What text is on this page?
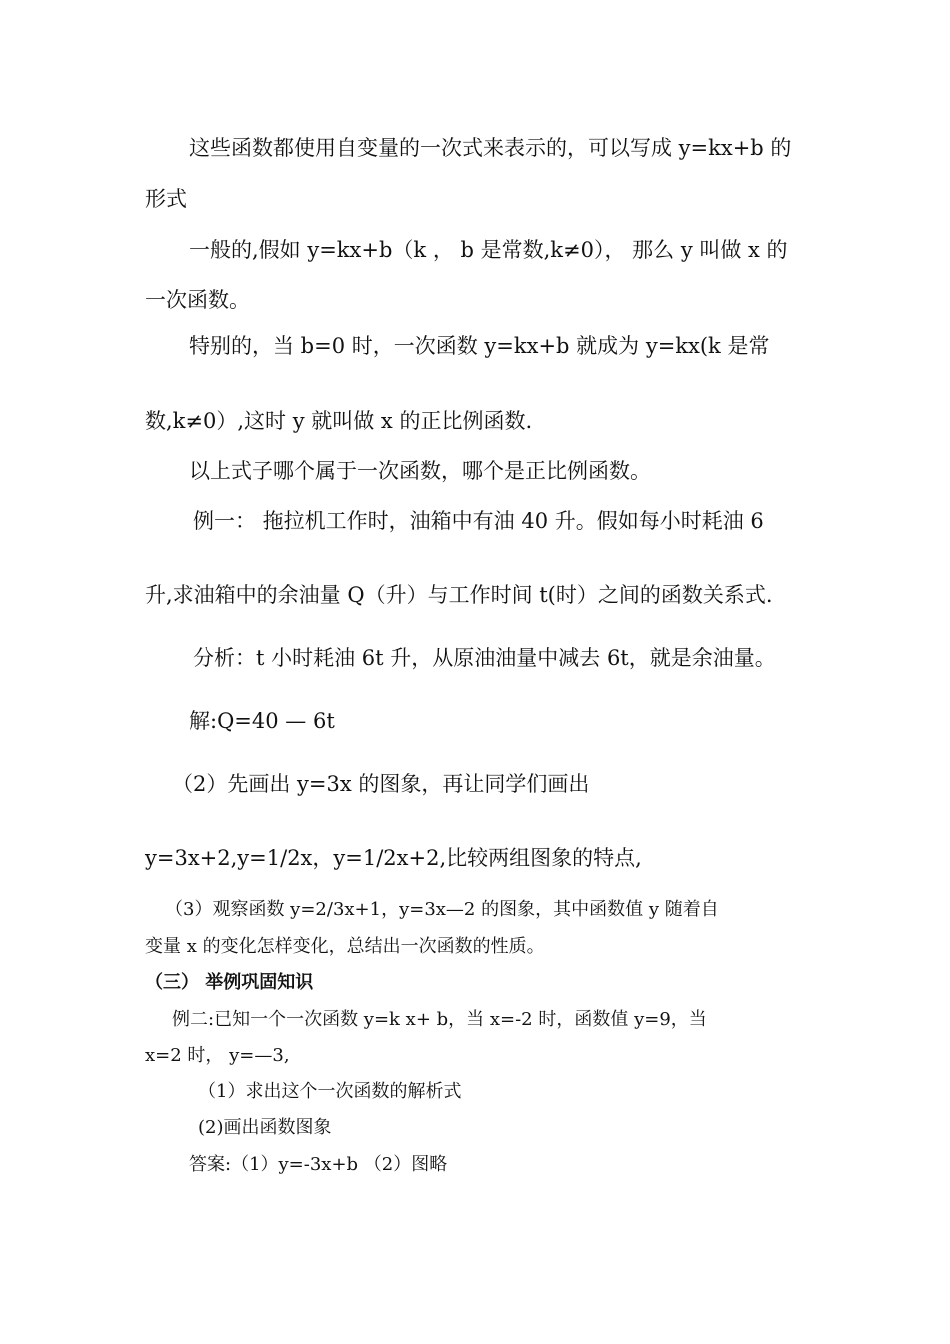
这些函数都使用自变量的一次式来表示的，可以写成 y=kx+b 的
形式
一般的,假如 y=kx+b（k ， b 是常数,k≠0）， 那么 y 叫做 x 的
一次函数。
特别的，当 b=0 时，一次函数 y=kx+b 就成为 y=kx(k 是常
数,k≠0）,这时 y 就叫做 x 的正比例函数.
以上式子哪个属于一次函数，哪个是正比例函数。
例一： 拖拉机工作时，油箱中有油 40 升。假如每小时耗油 6
升,求油箱中的余油量 Q（升）与工作时间 t(时）之间的函数关系式.
分析：t 小时耗油 6t 升，从原油油量中减去 6t，就是余油量。
解:Q=40 — 6t
（2）先画出 y=3x 的图象，再让同学们画出
y=3x+2,y=1/2x，y=1/2x+2,比较两组图象的特点,
（3）观察函数 y=2/3x+1，y=3x—2 的图象，其中函数值 y 随着自
变量 x 的变化怎样变化，总结出一次函数的性质。
（三） 举例巩固知识
例二:已知一个一次函数 y=k x+ b，当 x=-2 时，函数值 y=9，当
x=2 时， y=—3,
（1）求出这个一次函数的解析式
(2)画出函数图象
答案:（1）y=-3x+b （2）图略
